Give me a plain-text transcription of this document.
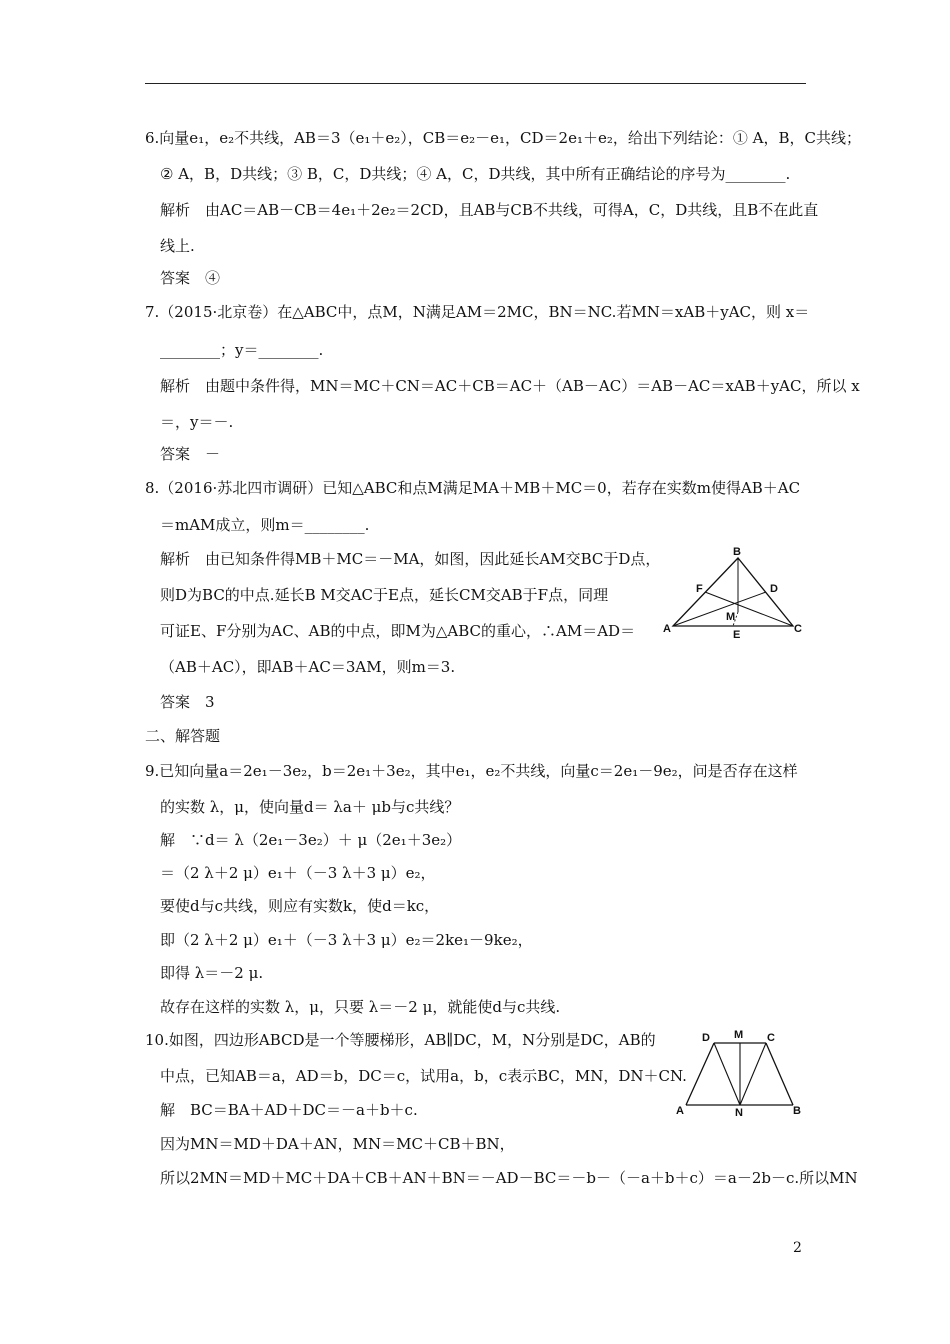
6.向量e₁，e₂不共线，AB＝3（e₁＋e₂），CB＝e₂－e₁，CD＝2e₁＋e₂，给出下列结论：① A，B，C共线；
② A，B，D共线；③ B，C，D共线；④ A，C，D共线，其中所有正确结论的序号为________.
解析　由AC＝AB－CB＝4e₁＋2e₂＝2CD，且AB与CB不共线，可得A，C，D共线，且B不在此直
线上.
答案　④
7.（2015·北京卷）在△ABC中，点M，N满足AM＝2MC，BN＝NC.若MN＝xAB＋yAC，则 x＝
________；y＝________.
解析　由题中条件得，MN＝MC＋CN＝AC＋CB＝AC＋（AB－AC）＝AB－AC＝xAB＋yAC，所以 x
＝，y＝－.
答案　－
8.（2016·苏北四市调研）已知△ABC和点M满足MA＋MB＋MC＝0，若存在实数m使得AB＋AC
＝mAM成立，则m＝________.
解析　由已知条件得MB＋MC＝－MA，如图，因此延长AM交BC于D点，
则D为BC的中点.延长B M交AC于E点，延长CM交AB于F点，同理
可证E、F分别为AC、AB的中点，即M为△ABC的重心，∴AM＝AD＝
（AB＋AC），即AB＋AC＝3AM，则m＝3.
答案　3
B
F	D
M
A	E	C
二、解答题
9.已知向量a＝2e₁－3e₂，b＝2e₁＋3e₂，其中e₁，e₂不共线，向量c＝2e₁－9e₂，问是否存在这样
的实数 λ，μ，使向量d＝ λa＋ μb与c共线？
解　∵d＝ λ（2e₁－3e₂）＋ μ（2e₁＋3e₂）
＝（2 λ＋2 μ）e₁＋（－3 λ＋3 μ）e₂，
要使d与c共线，则应有实数k，使d＝kc，
即（2 λ＋2 μ）e₁＋（－3 λ＋3 μ）e₂＝2ke₁－9ke₂，
即得 λ＝－2 μ.
故存在这样的实数 λ，μ，只要 λ＝－2 μ，就能使d与c共线.
10.如图，四边形ABCD是一个等腰梯形，AB∥DC，M，N分别是DC，AB的
中点，已知AB＝a，AD＝b，DC＝c，试用a，b，c表示BC，MN，DN＋CN.
解　BC＝BA＋AD＋DC＝－a＋b＋c.
因为MN＝MD＋DA＋AN，MN＝MC＋CB＋BN，
所以2MN＝MD＋MC＋DA＋CB＋AN＋BN＝－AD－BC＝－b－（－a＋b＋c）＝a－2b－c.所以MN
D M C
A	N	B
2
